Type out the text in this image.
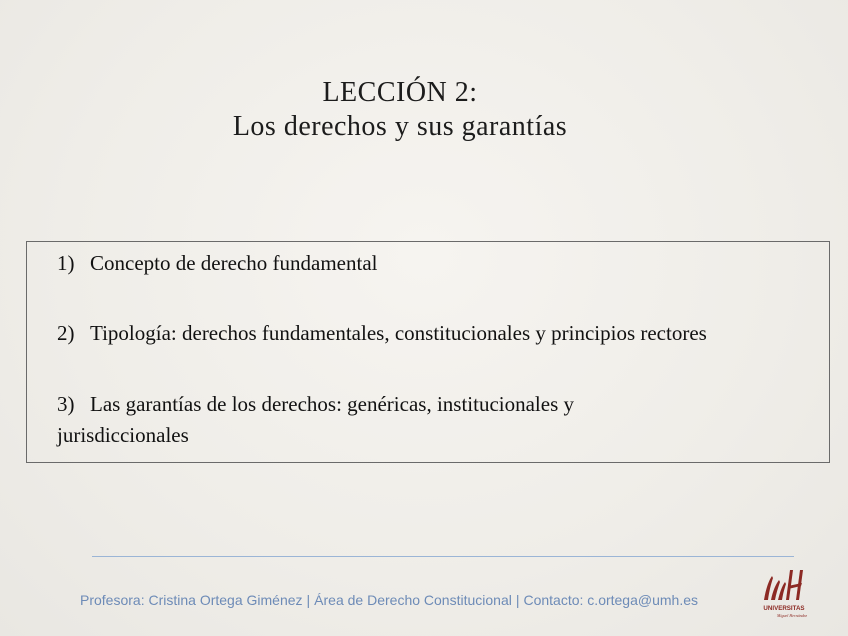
LECCIÓN 2:
Los derechos y sus garantías
1) Concepto de derecho fundamental
2) Tipología: derechos fundamentales, constitucionales y principios rectores
3) Las garantías de los derechos: genéricas, institucionales y
jurisdiccionales
Profesora: Cristina Ortega Giménez | Área de Derecho Constitucional | Contacto: c.ortega@umh.es
UNIVERSITAS
Miguel Hernández
